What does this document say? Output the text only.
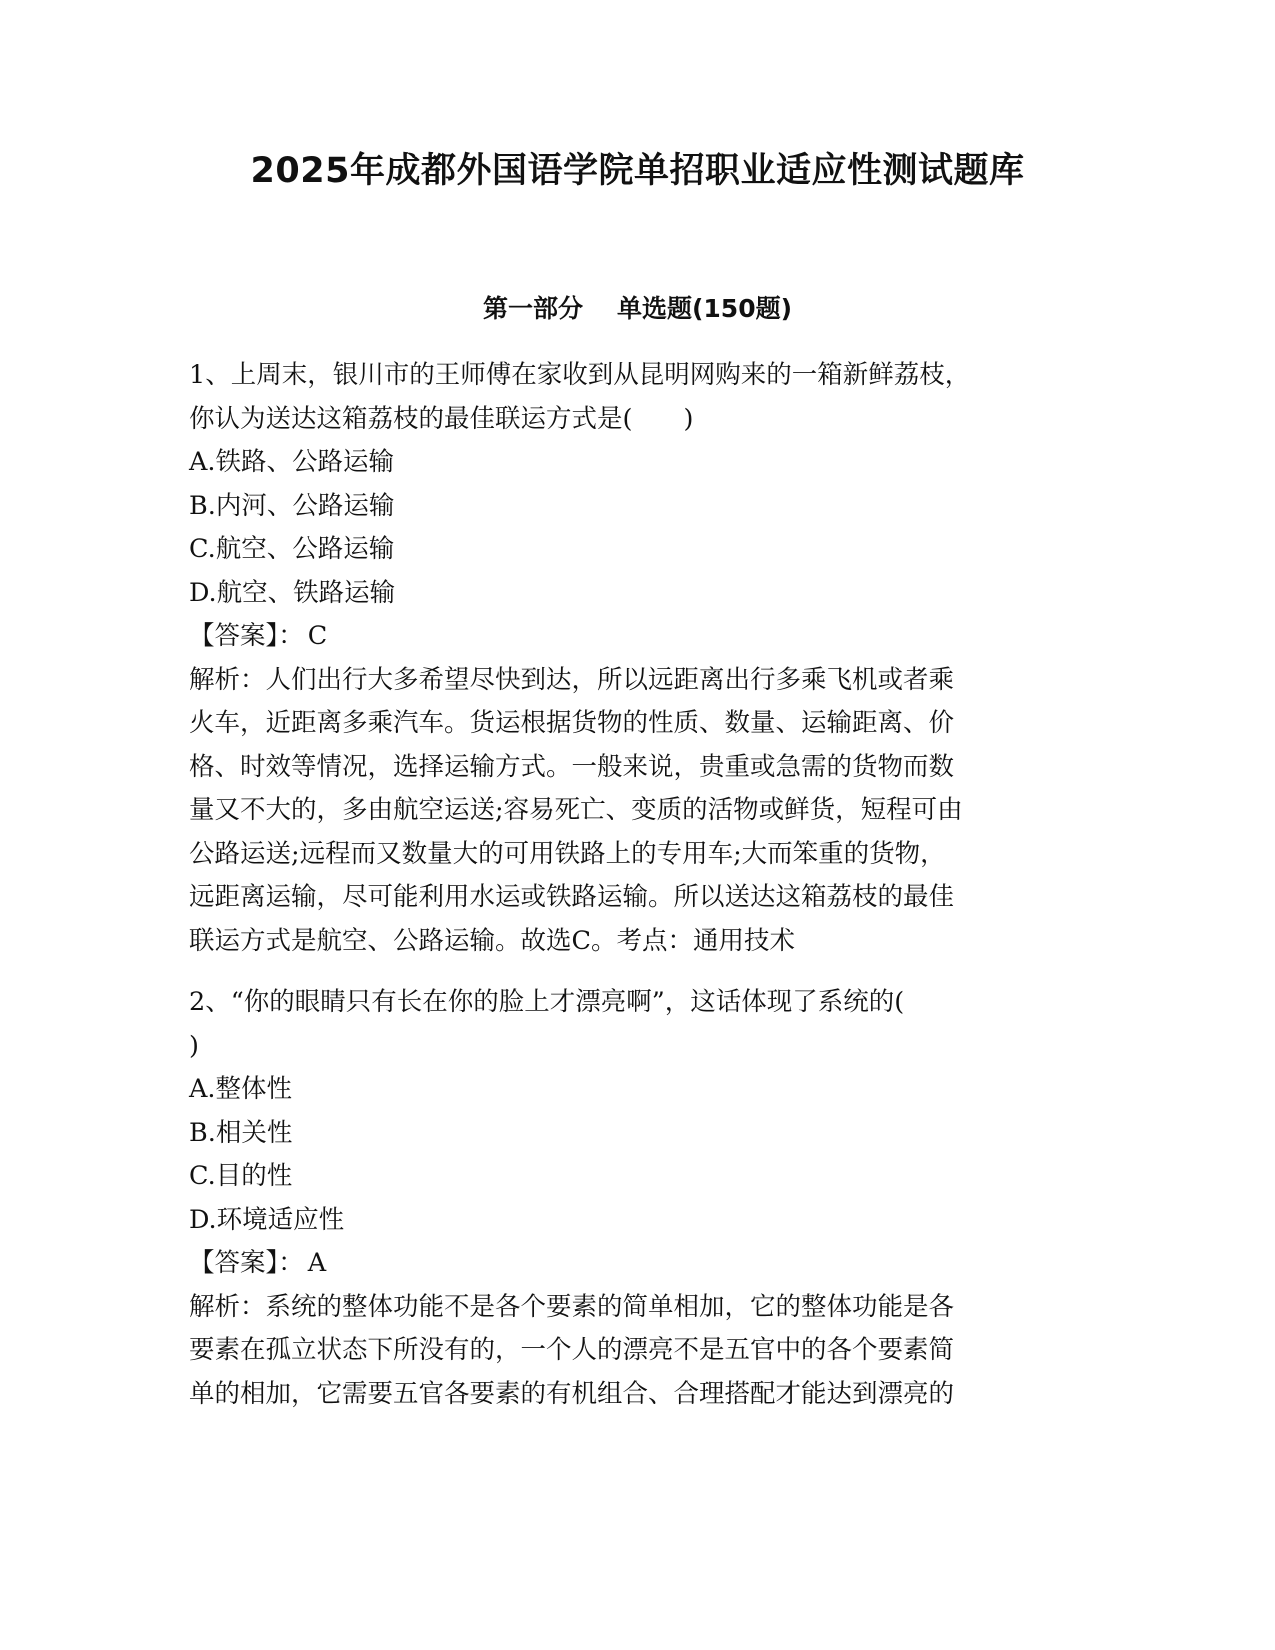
2025年成都外国语学院单招职业适应性测试题库
第一部分 单选题(150题)
1、上周末，银川市的王师傅在家收到从昆明网购来的一箱新鲜荔枝，
你认为送达这箱荔枝的最佳联运方式是(　　)
A.铁路、公路运输
B.内河、公路运输
C.航空、公路运输
D.航空、铁路运输
【答案】： C
解析：人们出行大多希望尽快到达，所以远距离出行多乘飞机或者乘
火车，近距离多乘汽车。货运根据货物的性质、数量、运输距离、价
格、时效等情况，选择运输方式。一般来说，贵重或急需的货物而数
量又不大的，多由航空运送;容易死亡、变质的活物或鲜货，短程可由
公路运送;远程而又数量大的可用铁路上的专用车;大而笨重的货物，
远距离运输，尽可能利用水运或铁路运输。所以送达这箱荔枝的最佳
联运方式是航空、公路运输。故选C。考点：通用技术
2、“你的眼睛只有长在你的脸上才漂亮啊”，这话体现了系统的(
)
A.整体性
B.相关性
C.目的性
D.环境适应性
【答案】： A
解析：系统的整体功能不是各个要素的简单相加，它的整体功能是各
要素在孤立状态下所没有的，一个人的漂亮不是五官中的各个要素简
单的相加，它需要五官各要素的有机组合、合理搭配才能达到漂亮的
